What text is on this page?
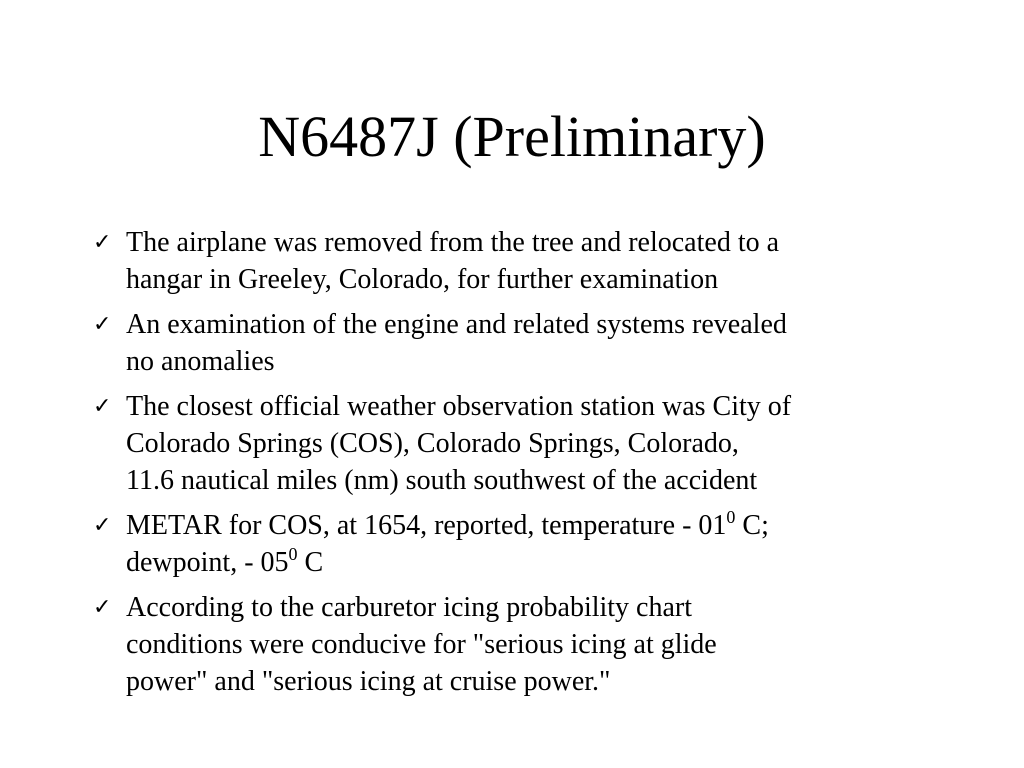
N6487J (Preliminary)
✓ The airplane was removed from the tree and relocated to a
hangar in Greeley, Colorado, for further examination
✓ An examination of the engine and related systems revealed
no anomalies
✓ The closest official weather observation station was City of
Colorado Springs (COS), Colorado Springs, Colorado,
11.6 nautical miles (nm) south southwest of the accident
✓ METAR for COS, at 1654, reported, temperature - $01^0$ C;
dewpoint, - $05^0$ C
✓ According to the carburetor icing probability chart
conditions were conducive for "serious icing at glide
power" and "serious icing at cruise power."
